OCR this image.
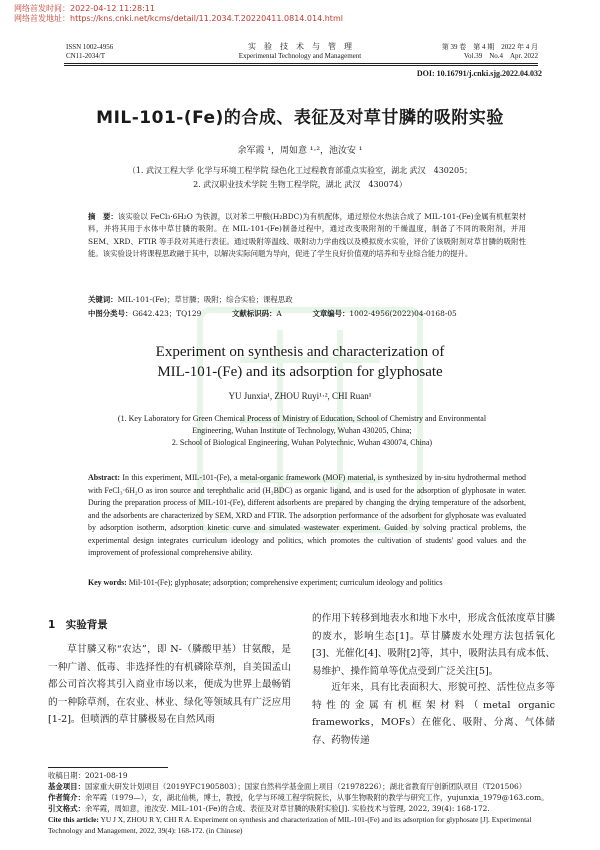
网络首发时间：2022-04-12 11:28:11
网络首发地址：https://kns.cnki.net/kcms/detail/11.2034.T.20220411.0814.014.html
ISSN 1002-4956
CN11-2034/T
实　验　技　术　与　管　理
Experimental Technology and Management
第 39 卷　第 4 期　2022 年 4 月
Vol.39　No.4　Apr. 2022
DOI: 10.16791/j.cnki.sjg.2022.04.032
MIL-101-(Fe)的合成、表征及对草甘膦的吸附实验
余军霞 ¹，周如意 ¹·²，池汝安 ¹
（1. 武汉工程大学 化学与环境工程学院 绿色化工过程教育部重点实验室，湖北 武汉　430205；
2. 武汉职业技术学院 生物工程学院，湖北 武汉　430074）
摘　要：该实验以 FeCl₃·6H₂O 为铁源，以对苯二甲酸(H₂BDC)为有机配体，通过原位水热法合成了 MIL-101-(Fe)金属有机框架材料，并将其用于水体中草甘膦的吸附。在 MIL-101-(Fe)制备过程中，通过改变吸附剂的干燥温度，制备了不同的吸附剂，并用 SEM、XRD、FTIR 等手段对其进行表征。通过吸附等温线、吸附动力学曲线以及模拟废水实验，评价了该吸附剂对草甘膦的吸附性能。该实验设计将课程思政融于其中，以解决实际问题为导向，促进了学生良好价值观的培养和专业综合能力的提升。
关键词：MIL-101-(Fe)；草甘膦；吸附；综合实验；课程思政
中图分类号：G642.423；TQ129	文献标识码：A	文章编号：1002-4956(2022)04-0168-05
Experiment on synthesis and characterization of
MIL-101-(Fe) and its adsorption for glyphosate
YU Junxia¹, ZHOU Ruyi¹·², CHI Ruan¹
(1. Key Laboratory for Green Chemical Process of Ministry of Education, School of Chemistry and Environmental Engineering, Wuhan Institute of Technology, Wuhan 430205, China;
2. School of Biological Engineering, Wuhan Polytechnic, Wuhan 430074, China)
Abstract: In this experiment, MIL-101-(Fe), a metal-organic framework (MOF) material, is synthesized by in-situ hydrothermal method with FeCl₃·6H₂O as iron source and terephthalic acid (H₂BDC) as organic ligand, and is used for the adsorption of glyphosate in water. During the preparation process of MIL-101-(Fe), different adsorbents are prepared by changing the drying temperature of the adsorbent, and the adsorbents are characterized by SEM, XRD and FTIR. The adsorption performance of the adsorbent for glyphosate was evaluated by adsorption isotherm, adsorption kinetic curve and simulated wastewater experiment. Guided by solving practical problems, the experimental design integrates curriculum ideology and politics, which promotes the cultivation of students' good values and the improvement of professional comprehensive ability.
Key words: Mil-101-(Fe); glyphosate; adsorption; comprehensive experiment; curriculum ideology and politics
1　实验背景
草甘膦又称“农达”，即 N-（膦酸甲基）甘氨酸，是一种广谱、低毒、非选择性的有机磷除草剂，自美国孟山都公司首次将其引入商业市场以来，便成为世界上最畅销的一种除草剂，在农业、林业、绿化等领域具有广泛应用[1-2]。但喷洒的草甘膦极易在自然风雨
的作用下转移到地表水和地下水中，形成含低浓度草甘膦的废水，影响生态[1]。草甘膦废水处理方法包括氧化[3]、光催化[4]、吸附[2]等，其中，吸附法具有成本低、易维护、操作简单等优点受到广泛关注[5]。
近年来，具有比表面积大、形貌可控、活性位点多等特性的金属有机框架材料（metal organic frameworks，MOFs）在催化、吸附、分离、气体储存、药物传递
收稿日期：2021-08-19
基金项目：国家重大研发计划项目（2019YFC1905803）；国家自然科学基金面上项目（21978226）；湖北省教育厅创新团队项目（T201506）
作者简介：余军霞（1979—），女，湖北仙桃，博士，教授，化学与环境工程学院院长，从事生物吸附的教学与研究工作，yujunxia_1979@163.com。
引文格式：余军霞，周如意，池汝安. MIL-101-(Fe)的合成、表征及对草甘膦的吸附实验[J]. 实验技术与管理, 2022, 39(4): 168-172.
Cite this article: YU J X, ZHOU R Y, CHI R A. Experiment on synthesis and characterization of MIL-101-(Fe) and its adsorption for glyphosate [J]. Experimental Technology and Management, 2022, 39(4): 168-172. (in Chinese)
